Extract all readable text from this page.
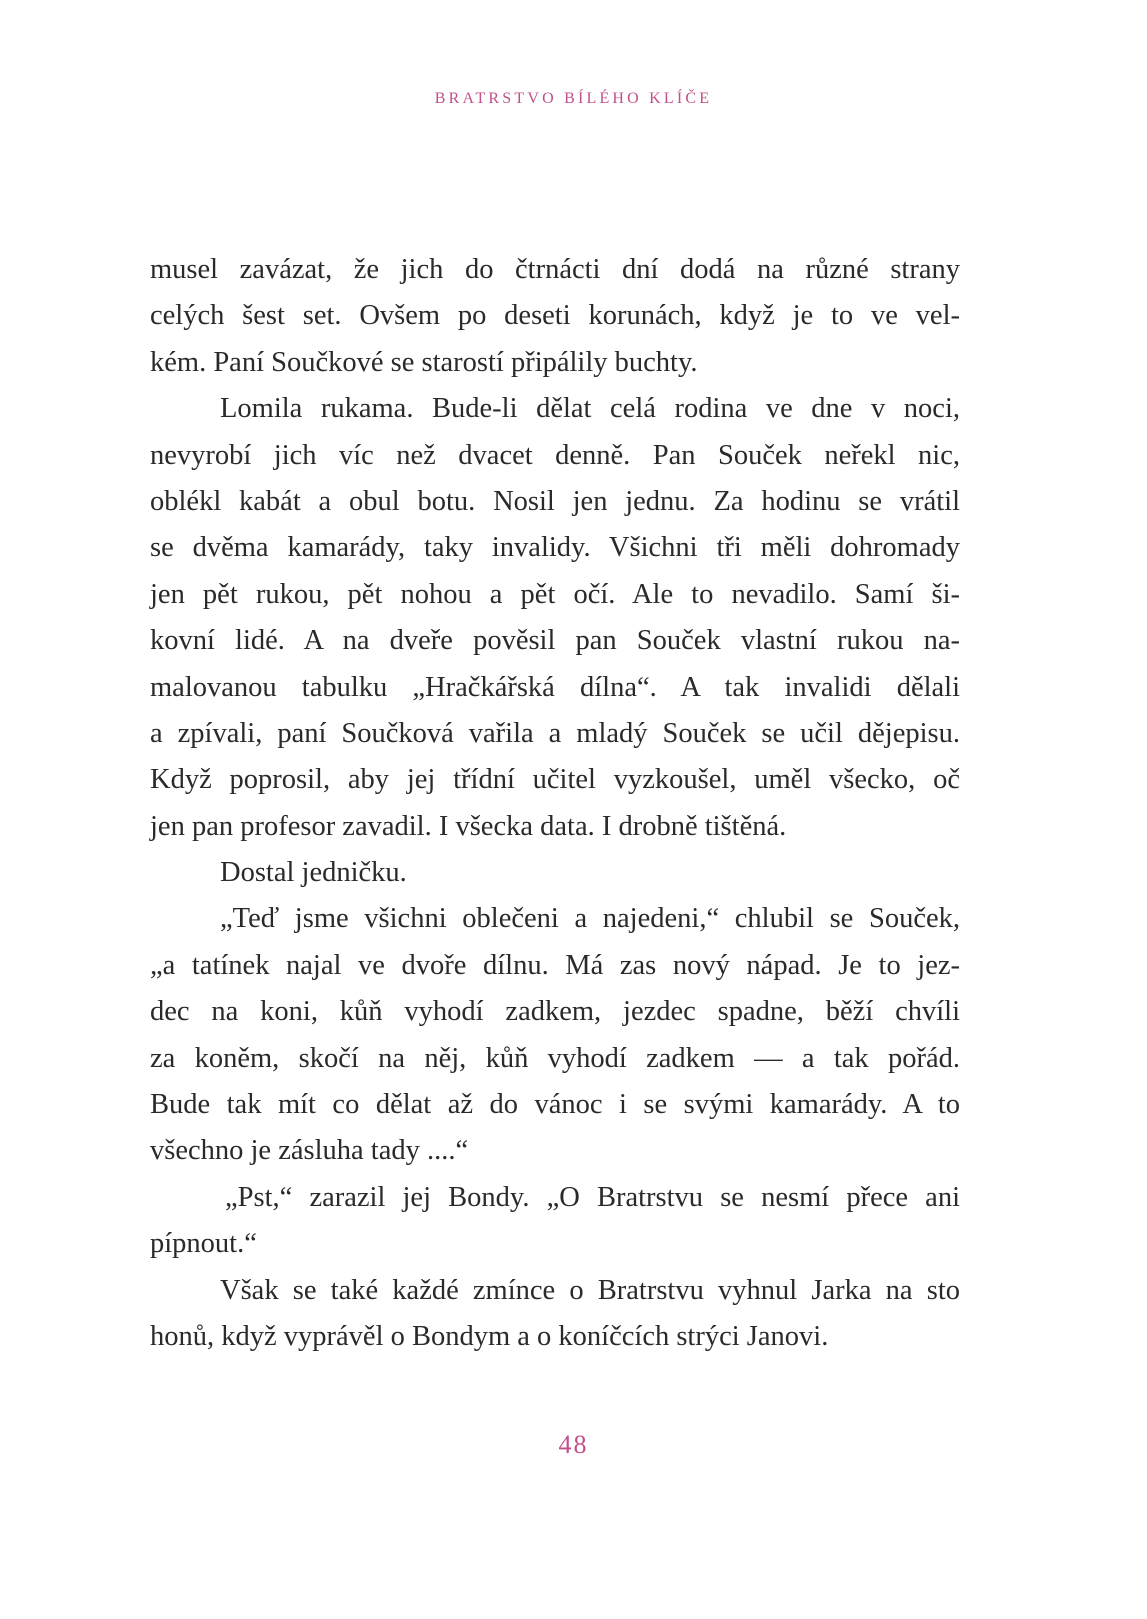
BRATRSTVO BÍLÉHO KLÍČE
musel zavázat, že jich do čtrnácti dní dodá na různé strany
celých šest set. Ovšem po deseti korunách, když je to ve vel-
kém. Paní Součkové se starostí připálily buchty.
Lomila rukama. Bude-li dělat celá rodina ve dne v noci,
nevyrobí jich víc než dvacet denně. Pan Souček neřekl nic,
oblékl kabát a obul botu. Nosil jen jednu. Za hodinu se vrátil
se dvěma kamarády, taky invalidy. Všichni tři měli dohromady
jen pět rukou, pět nohou a pět očí. Ale to nevadilo. Samí ši-
kovní lidé. A na dveře pověsil pan Souček vlastní rukou na-
malovanou tabulku „Hračkářská dílna“. A tak invalidi dělali
a zpívali, paní Součková vařila a mladý Souček se učil dějepisu.
Když poprosil, aby jej třídní učitel vyzkoušel, uměl všecko, oč
jen pan profesor zavadil. I všecka data. I drobně tištěná.
Dostal jedničku.
„Teď jsme všichni oblečeni a najedeni,“ chlubil se Souček,
„a tatínek najal ve dvoře dílnu. Má zas nový nápad. Je to jez-
dec na koni, kůň vyhodí zadkem, jezdec spadne, běží chvíli
za koněm, skočí na něj, kůň vyhodí zadkem — a tak pořád.
Bude tak mít co dělat až do vánoc i se svými kamarády. A to
všechno je zásluha tady ....“
„Pst,“ zarazil jej Bondy. „O Bratrstvu se nesmí přece ani
pípnout.“
Však se také každé zmínce o Bratrstvu vyhnul Jarka na sto
honů, když vyprávěl o Bondym a o koníčcích strýci Janovi.
48
